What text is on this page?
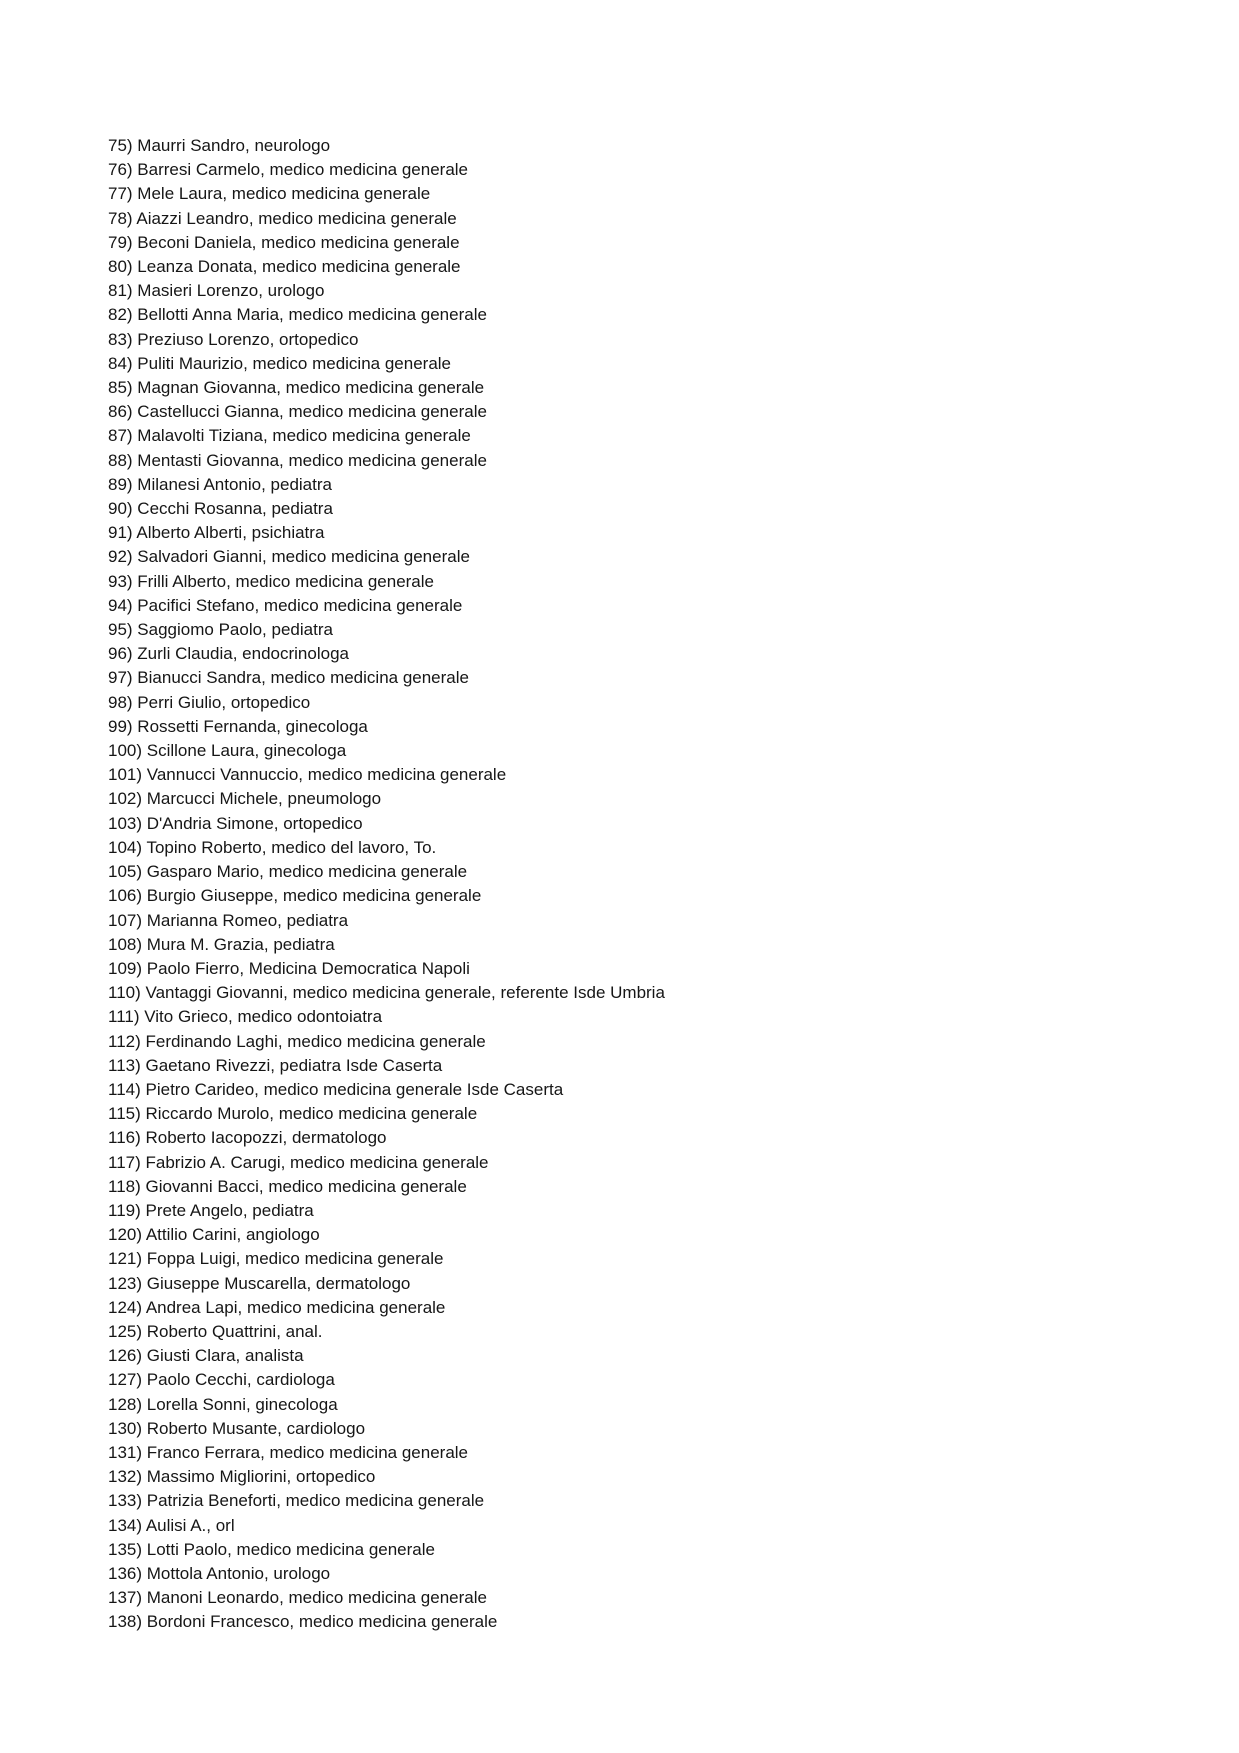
75) Maurri Sandro, neurologo
76) Barresi Carmelo, medico medicina generale
77) Mele Laura, medico medicina generale
78) Aiazzi Leandro, medico medicina generale
79) Beconi Daniela, medico medicina generale
80) Leanza Donata, medico medicina generale
81) Masieri Lorenzo, urologo
82) Bellotti Anna Maria, medico medicina generale
83) Preziuso Lorenzo, ortopedico
84) Puliti Maurizio, medico medicina generale
85) Magnan Giovanna, medico medicina generale
86) Castellucci Gianna, medico medicina generale
87) Malavolti Tiziana, medico medicina generale
88) Mentasti Giovanna, medico medicina generale
89) Milanesi Antonio, pediatra
90) Cecchi Rosanna, pediatra
91) Alberto Alberti, psichiatra
92) Salvadori Gianni, medico medicina generale
93) Frilli Alberto, medico medicina generale
94) Pacifici Stefano, medico medicina generale
95) Saggiomo Paolo, pediatra
96) Zurli Claudia, endocrinologa
97) Bianucci Sandra, medico medicina generale
98) Perri Giulio, ortopedico
99) Rossetti Fernanda, ginecologa
100) Scillone Laura, ginecologa
101) Vannucci Vannuccio, medico medicina generale
102) Marcucci Michele, pneumologo
103) D'Andria Simone, ortopedico
104) Topino Roberto, medico del lavoro, To.
105) Gasparo Mario, medico medicina generale
106) Burgio Giuseppe, medico medicina generale
107) Marianna Romeo, pediatra
108) Mura M. Grazia, pediatra
109) Paolo Fierro, Medicina Democratica Napoli
110) Vantaggi Giovanni, medico medicina generale, referente Isde Umbria
111) Vito Grieco, medico odontoiatra
112) Ferdinando Laghi, medico medicina generale
113) Gaetano Rivezzi, pediatra Isde Caserta
114) Pietro Carideo, medico medicina generale Isde Caserta
115) Riccardo Murolo, medico medicina generale
116) Roberto Iacopozzi, dermatologo
117) Fabrizio A. Carugi, medico medicina generale
118) Giovanni Bacci, medico medicina generale
119) Prete Angelo, pediatra
120) Attilio Carini, angiologo
121) Foppa Luigi, medico medicina generale
123) Giuseppe Muscarella, dermatologo
124) Andrea Lapi, medico medicina generale
125) Roberto Quattrini, anal.
126) Giusti Clara, analista
127) Paolo Cecchi, cardiologa
128) Lorella Sonni, ginecologa
130) Roberto Musante, cardiologo
131) Franco Ferrara, medico medicina generale
132) Massimo Migliorini, ortopedico
133) Patrizia Beneforti, medico medicina generale
134) Aulisi A., orl
135) Lotti Paolo, medico medicina generale
136) Mottola Antonio, urologo
137) Manoni Leonardo, medico medicina generale
138) Bordoni Francesco, medico medicina generale
